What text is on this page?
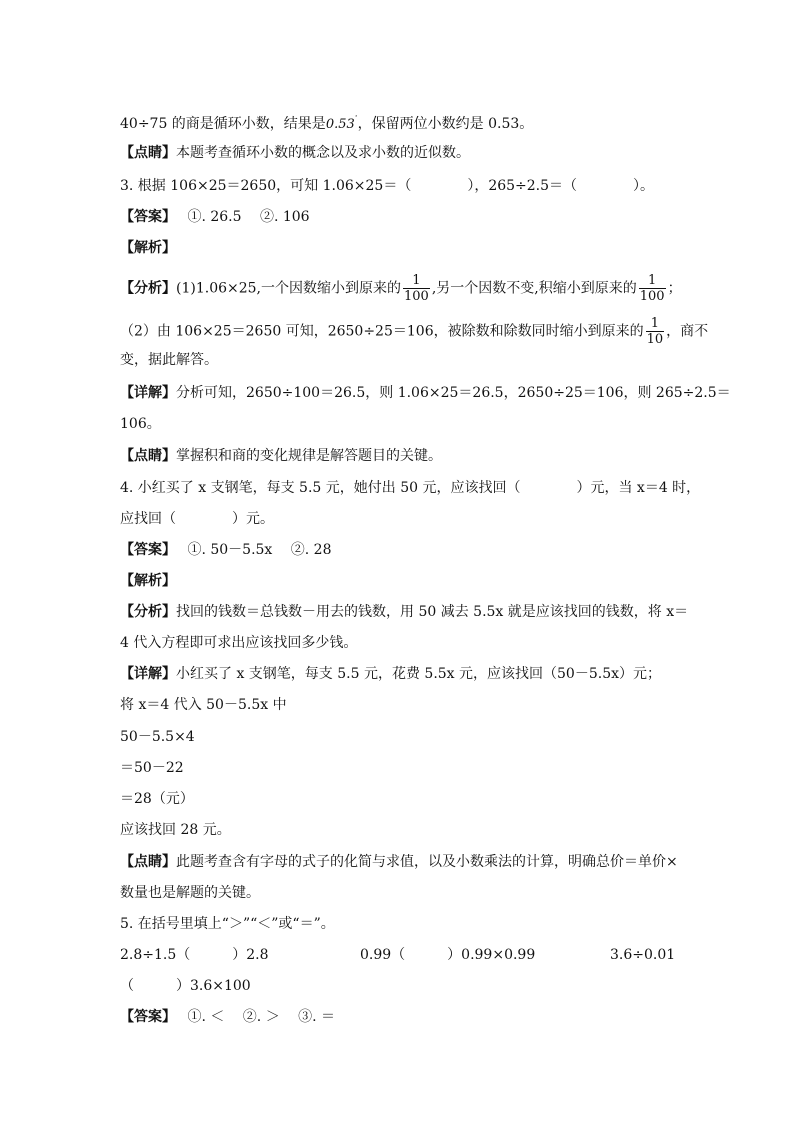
40÷75 的商是循环小数，结果是0.53·，保留两位小数约是 0.53。
【点睛】本题考查循环小数的概念以及求小数的近似数。
3. 根据 106×25＝2650，可知 1.06×25＝（　　　　），265÷2.5＝（　　　　）。
【答案】　 ①. 26.5　 ②. 106
【解析】
【分析】(1)1.06×25,一个因数缩小到原来的 $\frac{1}{100}$ ,另一个因数不变,积缩小到原来的 $\frac{1}{100}$ ；
（2）由 106×25＝2650 可知，2650÷25＝106，被除数和除数同时缩小到原来的 $\frac{1}{10}$ ，商不
变，据此解答。
【详解】分析可知，2650÷100＝26.5，则 1.06×25＝26.5，2650÷25＝106，则 265÷2.5＝
106。
【点睛】掌握积和商的变化规律是解答题目的关键。
4. 小红买了 x 支钢笔，每支 5.5 元，她付出 50 元，应该找回（　　　　）元，当 x＝4 时，
应找回（　　　　）元。
【答案】　 ①. 50－5.5x　 ②. 28
【解析】
【分析】找回的钱数＝总钱数－用去的钱数，用 50 减去 5.5x 就是应该找回的钱数，将 x＝
4 代入方程即可求出应该找回多少钱。
【详解】小红买了 x 支钢笔，每支 5.5 元，花费 5.5x 元，应该找回（50－5.5x）元；
将 x＝4 代入 50－5.5x 中
50－5.5×4
＝50－22
＝28（元）
应该找回 28 元。
【点睛】此题考查含有字母的式子的化简与求值，以及小数乘法的计算，明确总价＝单价×
数量也是解题的关键。
5. 在括号里填上“＞”“＜”或“＝”。
2.8÷1.5（　　　）2.8	0.99（　　　）0.99×0.99	3.6÷0.01
（　　　）3.6×100
【答案】　 ①. ＜　 ②. ＞　 ③. ＝
